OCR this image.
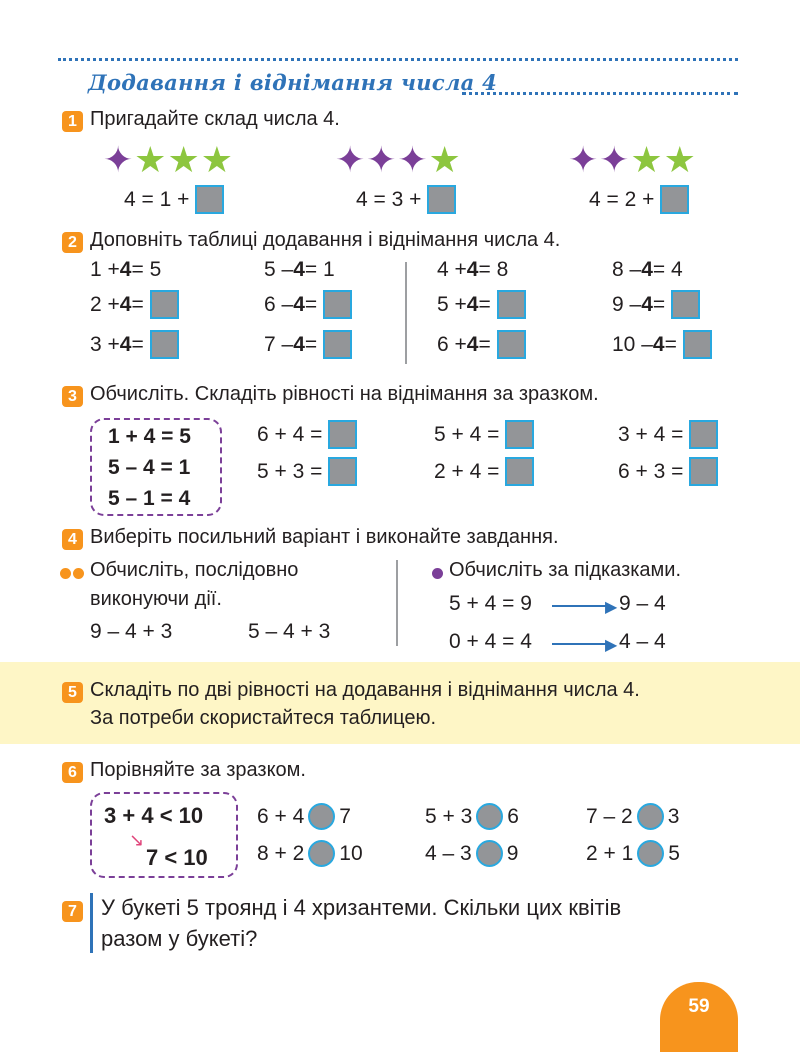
Додавання і віднімання числа 4
1 Пригадайте склад числа 4.
✦ ★ ★ ★	✦ ✦ ✦ ★	✦ ✦ ★ ★
4 = 1 +	4 = 3 +	4 = 2 +
2 Доповніть таблиці додавання і віднімання числа 4.
1 + 4 = 5	5 – 4 = 1	4 + 4 = 8	8 – 4 = 4
2 + 4 =	6 – 4 =	5 + 4 =	9 – 4 =
3 + 4 =	7 – 4 =	6 + 4 =	10 – 4 =
3 Обчисліть. Складіть рівності на віднімання за зразком.
1 + 4 = 5
5 – 4 = 1
5 – 1 = 4
6 + 4 =	5 + 4 =	3 + 4 =
5 + 3 =	2 + 4 =	6 + 3 =
4 Виберіть посильний варіант і виконайте завдання.
Обчисліть, послідовно
виконуючи дії.
9 – 4 + 3	5 – 4 + 3
Обчисліть за підказками.
5 + 4 = 9	▶ 9 – 4
0 + 4 = 4	▶ 4 – 4
5 Складіть по дві рівності на додавання і віднімання числа 4.
За потреби скористайтеся таблицею.
6 Порівняйте за зразком.
3
+ 4
< 10
↘
7 < 10
6 + 4 7	5 + 3 6	7 – 2 3
8 + 2 10	4 – 3 9	2 + 1 5
7 У букеті 5 троянд і 4 хризантеми. Скільки цих квітів
разом у букеті?
59
